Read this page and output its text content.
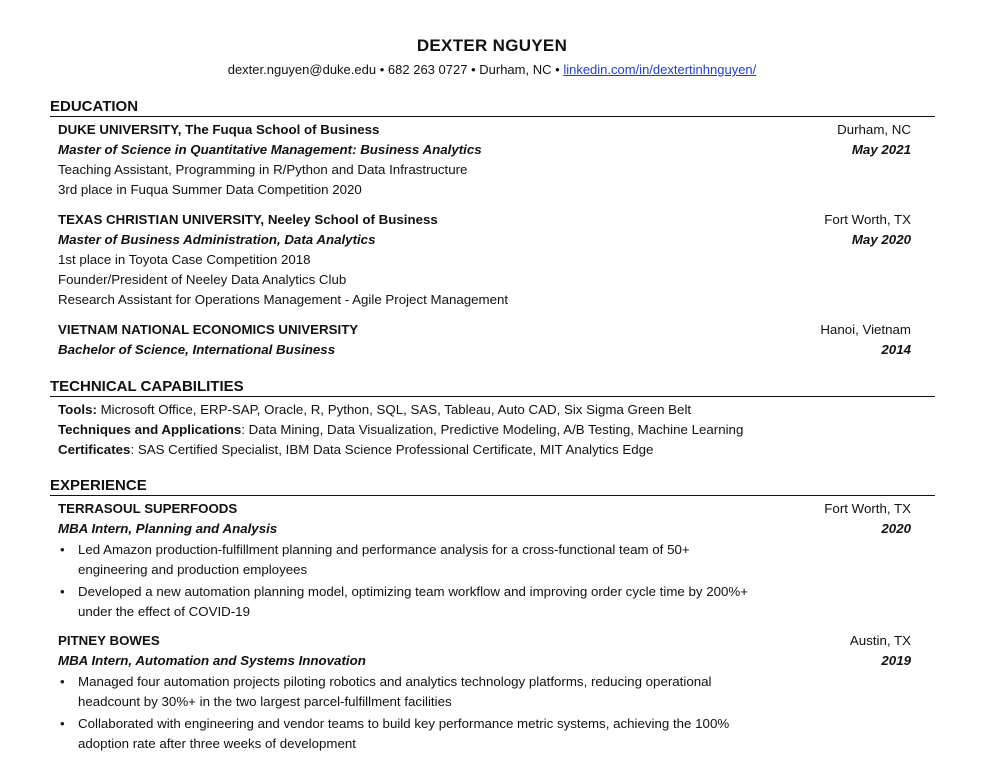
DEXTER NGUYEN
dexter.nguyen@duke.edu • 682 263 0727 • Durham, NC • linkedin.com/in/dextertinhnguyen/
EDUCATION
DUKE UNIVERSITY, The Fuqua School of Business	Durham, NC
Master of Science in Quantitative Management: Business Analytics	May 2021
Teaching Assistant, Programming in R/Python and Data Infrastructure
3rd place in Fuqua Summer Data Competition 2020
TEXAS CHRISTIAN UNIVERSITY, Neeley School of Business	Fort Worth, TX
Master of Business Administration, Data Analytics	May 2020
1st place in Toyota Case Competition 2018
Founder/President of Neeley Data Analytics Club
Research Assistant for Operations Management - Agile Project Management
VIETNAM NATIONAL ECONOMICS UNIVERSITY	Hanoi, Vietnam
Bachelor of Science, International Business	2014
TECHNICAL CAPABILITIES
Tools: Microsoft Office, ERP-SAP, Oracle, R, Python, SQL, SAS, Tableau, Auto CAD, Six Sigma Green Belt
Techniques and Applications: Data Mining, Data Visualization, Predictive Modeling, A/B Testing, Machine Learning
Certificates: SAS Certified Specialist, IBM Data Science Professional Certificate, MIT Analytics Edge
EXPERIENCE
TERRASOUL SUPERFOODS	Fort Worth, TX
MBA Intern, Planning and Analysis	2020
• Led Amazon production-fulfillment planning and performance analysis for a cross-functional team of 50+ engineering and production employees
• Developed a new automation planning model, optimizing team workflow and improving order cycle time by 200%+ under the effect of COVID-19
PITNEY BOWES	Austin, TX
MBA Intern, Automation and Systems Innovation	2019
• Managed four automation projects piloting robotics and analytics technology platforms, reducing operational headcount by 30%+ in the two largest parcel-fulfillment facilities
• Collaborated with engineering and vendor teams to build key performance metric systems, achieving the 100% adoption rate after three weeks of development
